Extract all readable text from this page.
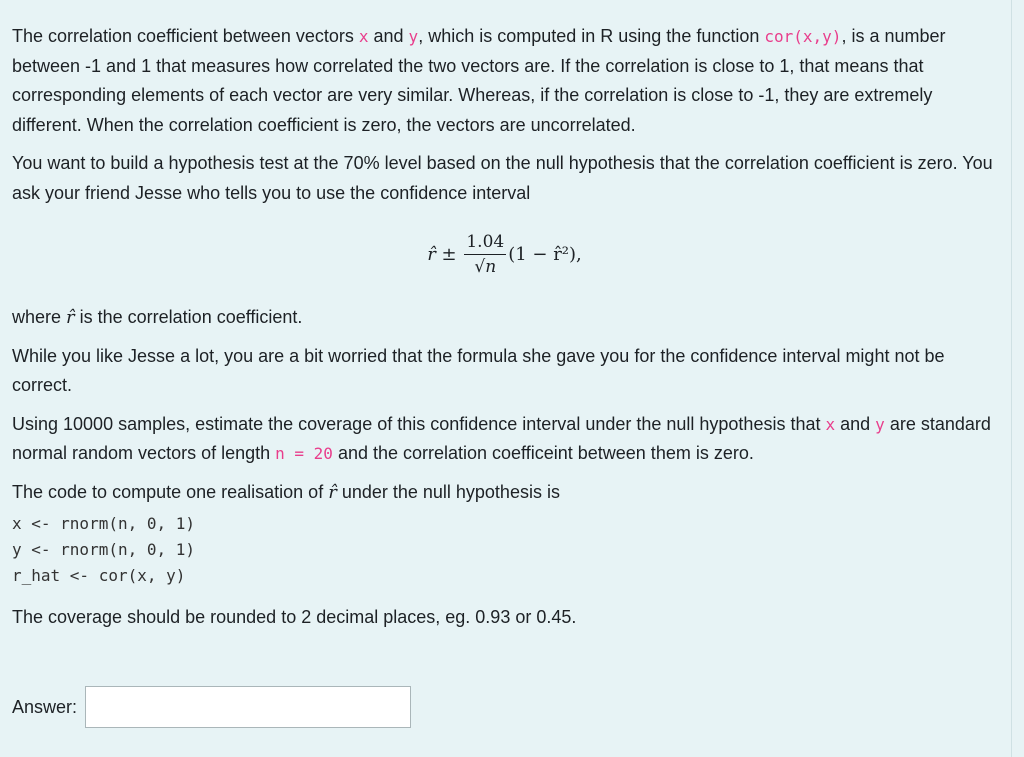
The correlation coefficient between vectors x and y, which is computed in R using the function cor(x,y), is a number between -1 and 1 that measures how correlated the two vectors are. If the correlation is close to 1, that means that corresponding elements of each vector are very similar. Whereas, if the correlation is close to -1, they are extremely different. When the correlation coefficient is zero, the vectors are uncorrelated.

You want to build a hypothesis test at the 70% level based on the null hypothesis that the correlation coefficient is zero. You ask your friend Jesse who tells you to use the confidence interval

r̂ ± $\frac{1.04}{√n} (1$ − r̂²),

where r̂ is the correlation coefficient.

While you like Jesse a lot, you are a bit worried that the formula she gave you for the confidence interval might not be correct.

Using 10000 samples, estimate the coverage of this confidence interval under the null hypothesis that x and y are standard normal random vectors of length n = 20 and the correlation coefficeint between them is zero.

The code to compute one realisation of r̂ under the null hypothesis is

x <- rnorm(n, 0, 1)
y <- rnorm(n, 0, 1)
r_hat <- cor(x, y)

The coverage should be rounded to 2 decimal places, eg. 0.93 or 0.45.

Answer:
